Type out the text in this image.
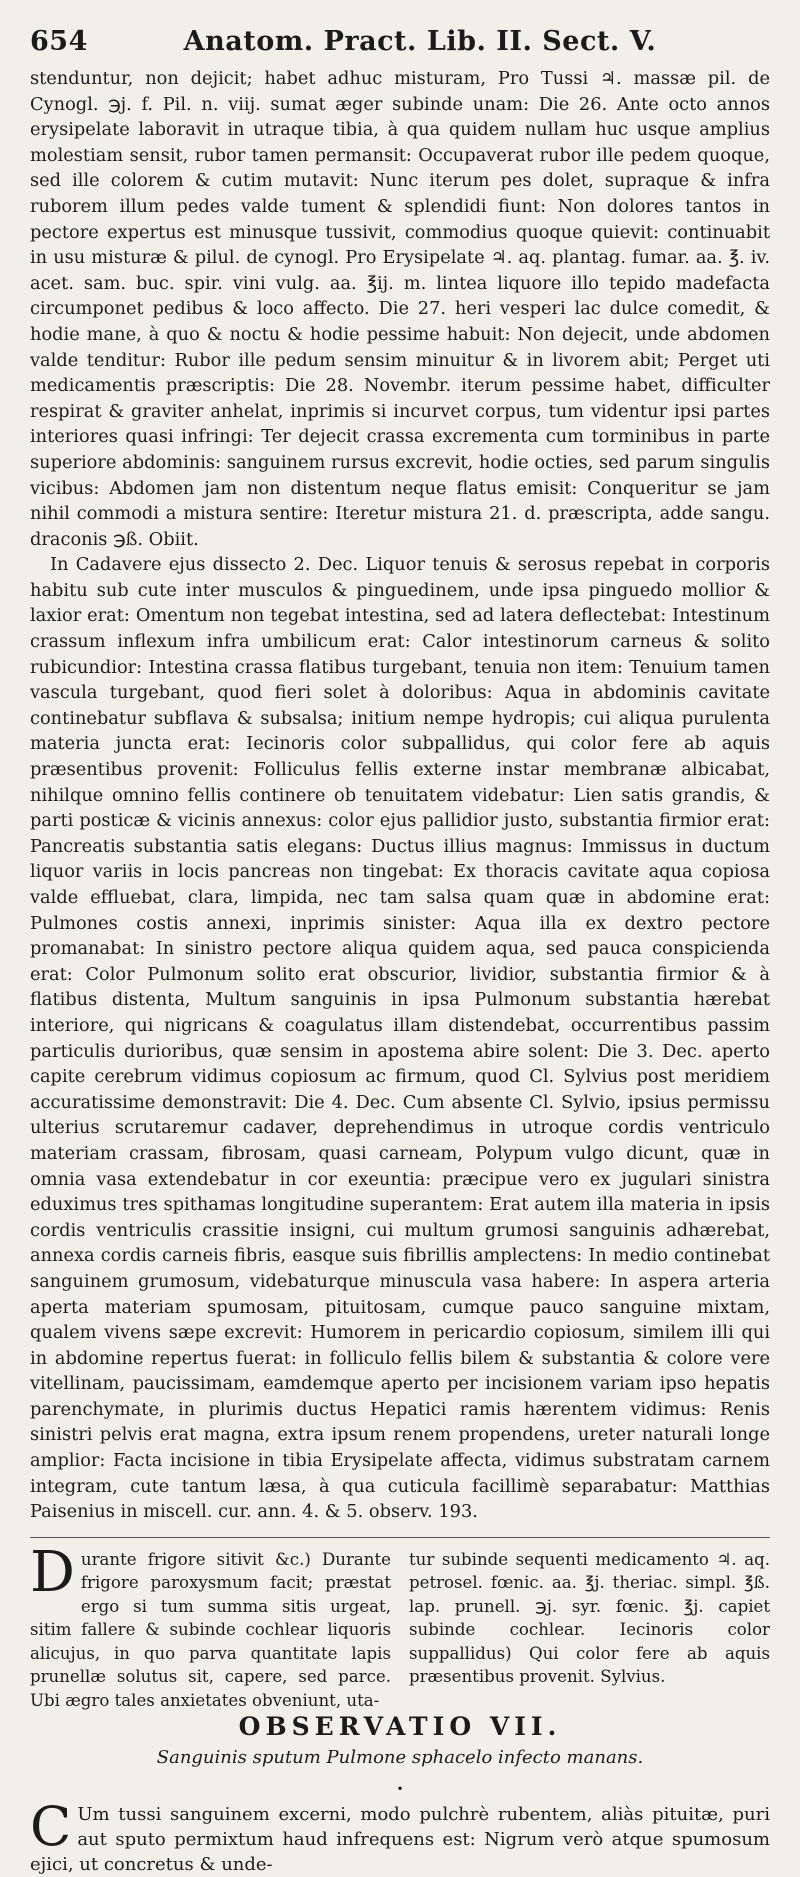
654	Anatom. Pract. Lib. II. Sect. V.

stenduntur, non dejicit; habet adhuc misturam, Pro Tussi ♃. massæ pil. de Cynogl. ℈j. f. Pil. n. viij. sumat æger subinde unam: Die 26. Ante octo annos erysipelate laboravit in utraque tibia, à qua quidem nullam huc usque amplius molestiam sensit, rubor tamen permansit: Occupaverat rubor ille pedem quoque, sed ille colorem & cutim mutavit: Nunc iterum pes dolet, supraque & infra ruborem illum pedes valde tument & splendidi fiunt: Non dolores tantos in pectore expertus est minusque tussivit, commodius quoque quievit: continuabit in usu misturæ & pilul. de cynogl. Pro Erysipelate ♃. aq. plantag. fumar. aa. ℥. iv. acet. sam. buc. spir. vini vulg. aa. ℥ij. m. lintea liquore illo tepido madefacta circumponet pedibus & loco affecto. Die 27. heri vesperi lac dulce comedit, & hodie mane, à quo & noctu & hodie pessime habuit: Non dejecit, unde abdomen valde tenditur: Rubor ille pedum sensim minuitur & in livorem abit; Perget uti medicamentis præscriptis: Die 28. Novembr. iterum pessime habet, difficulter respirat & graviter anhelat, inprimis si incurvet corpus, tum videntur ipsi partes interiores quasi infringi: Ter dejecit crassa excrementa cum torminibus in parte superiore abdominis: sanguinem rursus excrevit, hodie octies, sed parum singulis vicibus: Abdomen jam non distentum neque flatus emisit: Conqueritur se jam nihil commodi a mistura sentire: Iteretur mistura 21. d. præscripta, adde sangu. draconis ℈ß. Obiit.

In Cadavere ejus dissecto 2. Dec. Liquor tenuis & serosus repebat in corporis habitu sub cute inter musculos & pinguedinem, unde ipsa pinguedo mollior & laxior erat: Omentum non tegebat intestina, sed ad latera deflectebat: Intestinum crassum inflexum infra umbilicum erat: Calor intestinorum carneus & solito rubicundior: Intestina crassa flatibus turgebant, tenuia non item: Tenuium tamen vascula turgebant, quod fieri solet à doloribus: Aqua in abdominis cavitate continebatur subflava & subsalsa; initium nempe hydropis; cui aliqua purulenta materia juncta erat: Iecinoris color subpallidus, qui color fere ab aquis præsentibus provenit: Folliculus fellis externe instar membranæ albicabat, nihilque omnino fellis continere ob tenuitatem videbatur: Lien satis grandis, & parti posticæ & vicinis annexus: color ejus pallidior justo, substantia firmior erat: Pancreatis substantia satis elegans: Ductus illius magnus: Immissus in ductum liquor variis in locis pancreas non tingebat: Ex thoracis cavitate aqua copiosa valde effluebat, clara, limpida, nec tam salsa quam quæ in abdomine erat: Pulmones costis annexi, inprimis sinister: Aqua illa ex dextro pectore promanabat: In sinistro pectore aliqua quidem aqua, sed pauca conspicienda erat: Color Pulmonum solito erat obscurior, lividior, substantia firmior & à flatibus distenta, Multum sanguinis in ipsa Pulmonum substantia hærebat interiore, qui nigricans & coagulatus illam distendebat, occurrentibus passim particulis durioribus, quæ sensim in apostema abire solent: Die 3. Dec. aperto capite cerebrum vidimus copiosum ac firmum, quod Cl. Sylvius post meridiem accuratissime demonstravit: Die 4. Dec. Cum absente Cl. Sylvio, ipsius permissu ulterius scrutaremur cadaver, deprehendimus in utroque cordis ventriculo materiam crassam, fibrosam, quasi carneam, Polypum vulgo dicunt, quæ in omnia vasa extendebatur in cor exeuntia: præcipue vero ex jugulari sinistra eduximus tres spithamas longitudine superantem: Erat autem illa materia in ipsis cordis ventriculis crassitie insigni, cui multum grumosi sanguinis adhærebat, annexa cordis carneis fibris, easque suis fibrillis amplectens: In medio continebat sanguinem grumosum, videbaturque minuscula vasa habere: In aspera arteria aperta materiam spumosam, pituitosam, cumque pauco sanguine mixtam, qualem vivens sæpe excrevit: Humorem in pericardio copiosum, similem illi qui in abdomine repertus fuerat: in folliculo fellis bilem & substantia & colore vere vitellinam, paucissimam, eamdemque aperto per incisionem variam ipso hepatis parenchymate, in plurimis ductus Hepatici ramis hærentem vidimus: Renis sinistri pelvis erat magna, extra ipsum renem propendens, ureter naturali longe amplior: Facta incisione in tibia Erysipelate affecta, vidimus substratam carnem integram, cute tantum læsa, à qua cuticula facillimè separabatur: Matthias Paisenius in miscell. cur. ann. 4. & 5. observ. 193.

Durante frigore sitivit &c.) Durante frigore paroxysmum facit; præstat ergo si tum summa sitis urgeat, sitim fallere & subinde cochlear liquoris alicujus, in quo parva quantitate lapis prunellæ solutus sit, capere, sed parce. Ubi ægro tales anxietates obveniunt, uta-
tur subinde sequenti medicamento ♃. aq. petrosel. fœnic. aa. ℥j. theriac. simpl. ℥ß. lap. prunell. ℈j. syr. fœnic. ℥j. capiet subinde cochlear. Iecinoris color suppallidus) Qui color fere ab aquis præsentibus provenit. Sylvius.
OBSERVATIO VII.
Sanguinis sputum Pulmone sphacelo infecto manans.
•
C Um tussi sanguinem excerni, modo pulchrè rubentem, aliàs pituitæ, puri aut sputo permixtum haud infrequens est: Nigrum verò atque spumosum ejici, ut concretus & unde-
